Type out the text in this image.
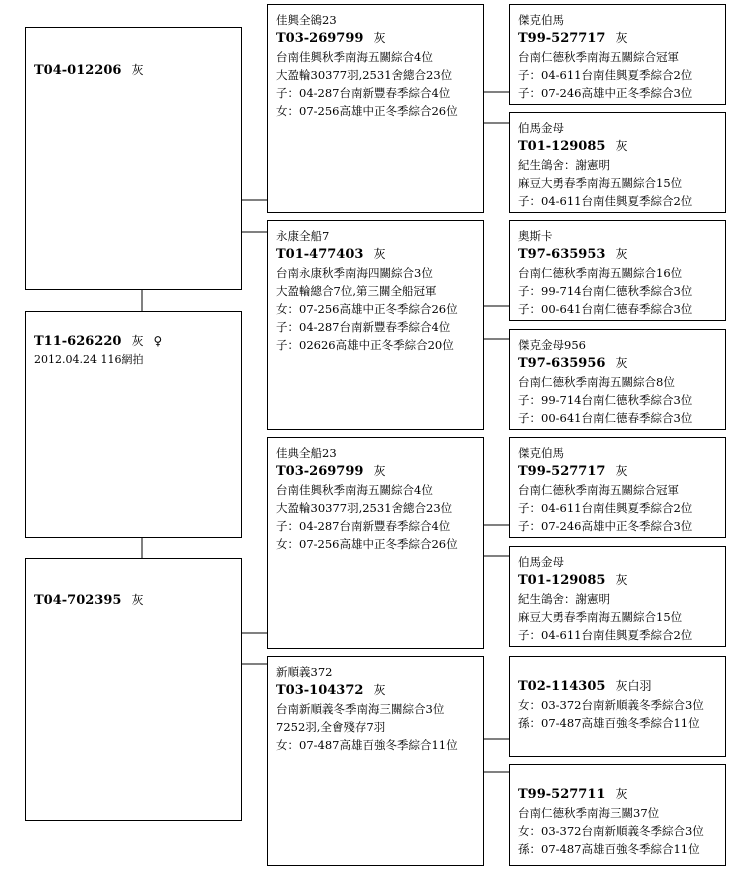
T04-012206 灰
T11-626220 灰 ♀
2012.04.24 116網拍
T04-702395 灰
佳興全鵒23
T03-269799 灰
台南佳興秋季南海五關綜合4位
大盈輪30377羽,2531舍總合23位
子：04-287台南新豐春季綜合4位
女：07-256高雄中正冬季綜合26位
永康全船7
T01-477403 灰
台南永康秋季南海四關綜合3位
大盈輪總合7位,第三關全船冠軍
女：07-256高雄中正冬季綜合26位
子：04-287台南新豐春季綜合4位
子：02626高雄中正冬季綜合20位
佳典全船23
T03-269799 灰
台南佳興秋季南海五關綜合4位
大盈輪30377羽,2531舍總合23位
子：04-287台南新豐春季綜合4位
女：07-256高雄中正冬季綜合26位
新順義372
T03-104372 灰
台南新順義冬季南海三關綜合3位
7252羽,全會殘存7羽
女：07-487高雄百強冬季綜合11位
傑克伯馬
T99-527717 灰
台南仁德秋季南海五關綜合冠軍
子：04-611台南佳興夏季綜合2位
子：07-246高雄中正冬季綜合3位
伯馬金母
T01-129085 灰
紀生鴿舍：謝憲明
麻豆大勇春季南海五關綜合15位
子：04-611台南佳興夏季綜合2位
奧斯卡
T97-635953 灰
台南仁德秋季南海五關綜合16位
子：99-714台南仁德秋季綜合3位
子：00-641台南仁德春季綜合3位
傑克金母956
T97-635956 灰
台南仁德秋季南海五關綜合8位
子：99-714台南仁德秋季綜合3位
子：00-641台南仁德春季綜合3位
傑克伯馬
T99-527717 灰
台南仁德秋季南海五關綜合冠軍
子：04-611台南佳興夏季綜合2位
子：07-246高雄中正冬季綜合3位
伯馬金母
T01-129085 灰
紀生鴿舍：謝憲明
麻豆大勇春季南海五關綜合15位
子：04-611台南佳興夏季綜合2位
T02-114305 灰白羽
女：03-372台南新順義冬季綜合3位
孫：07-487高雄百強冬季綜合11位
T99-527711 灰
台南仁德秋季南海三關37位
女：03-372台南新順義冬季綜合3位
孫：07-487高雄百強冬季綜合11位
